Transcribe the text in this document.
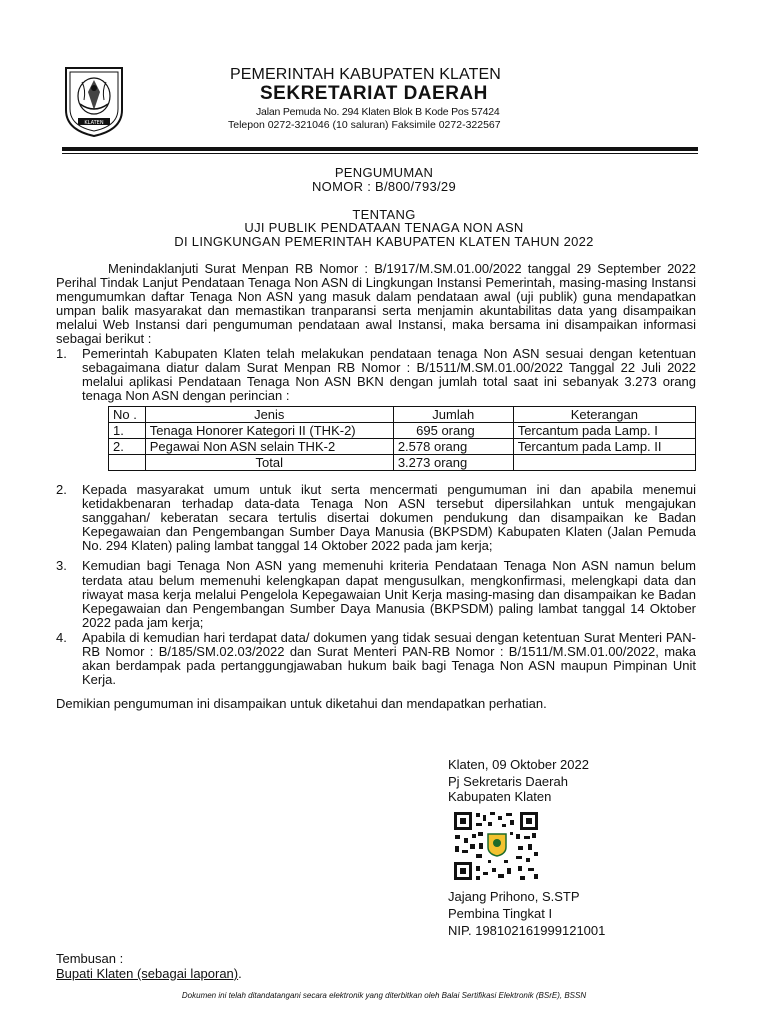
KLATEN
PEMERINTAH KABUPATEN KLATEN
SEKRETARIAT DAERAH
Jalan Pemuda No. 294 Klaten Blok B Kode Pos 57424
Telepon 0272-321046 (10 saluran) Faksimile 0272-322567
PENGUMUMAN
NOMOR : B/800/793/29
TENTANG
UJI PUBLIK PENDATAAN TENAGA NON ASN
DI LINGKUNGAN PEMERINTAH KABUPATEN KLATEN TAHUN 2022

Menindaklanjuti Surat Menpan RB Nomor : B/1917/M.SM.01.00/2022 tanggal 29 September 2022 Perihal Tindak Lanjut Pendataan Tenaga Non ASN di Lingkungan Instansi Pemerintah, masing-masing Instansi mengumumkan daftar Tenaga Non ASN yang masuk dalam pendataan awal (uji publik) guna mendapatkan umpan balik masyarakat dan memastikan tranparansi serta menjamin akuntabilitas data yang disampaikan melalui Web Instansi dari pengumuman pendataan awal Instansi, maka bersama ini disampaikan informasi sebagai berikut :

1. Pemerintah Kabupaten Klaten telah melakukan pendataan tenaga Non ASN sesuai dengan ketentuan sebagaimana diatur dalam Surat Menpan RB Nomor : B/1511/M.SM.01.00/2022 Tanggal 22 Juli 2022 melalui aplikasi Pendataan Tenaga Non ASN BKN dengan jumlah total saat ini sebanyak 3.273 orang tenaga Non ASN dengan perincian :

No .	Jenis	Jumlah	Keterangan
1.	Tenaga Honorer Kategori II (THK-2)	695 orang	Tercantum pada Lamp. I
2.	Pegawai Non ASN selain THK-2	2.578 orang	Tercantum pada Lamp. II
	Total	3.273 orang	
2. Kepada masyarakat umum untuk ikut serta mencermati pengumuman ini dan apabila menemui ketidakbenaran terhadap data-data Tenaga Non ASN tersebut dipersilahkan untuk mengajukan sanggahan/ keberatan secara tertulis disertai dokumen pendukung dan disampaikan ke Badan Kepegawaian dan Pengembangan Sumber Daya Manusia (BKPSDM) Kabupaten Klaten (Jalan Pemuda No. 294 Klaten) paling lambat tanggal 14 Oktober 2022 pada jam kerja;

3. Kemudian bagi Tenaga Non ASN yang memenuhi kriteria Pendataan Tenaga Non ASN namun belum terdata atau belum memenuhi kelengkapan dapat mengusulkan, mengkonfirmasi, melengkapi data dan riwayat masa kerja melalui Pengelola Kepegawaian Unit Kerja masing-masing dan disampaikan ke Badan Kepegawaian dan Pengembangan Sumber Daya Manusia (BKPSDM) paling lambat tanggal 14 Oktober 2022 pada jam kerja;

4. Apabila di kemudian hari terdapat data/ dokumen yang tidak sesuai dengan ketentuan Surat Menteri PAN-RB Nomor : B/185/SM.02.03/2022 dan Surat Menteri PAN-RB Nomor : B/1511/M.SM.01.00/2022, maka akan berdampak pada pertanggungjawaban hukum baik bagi Tenaga Non ASN maupun Pimpinan Unit Kerja.

Demikian pengumuman ini disampaikan untuk diketahui dan mendapatkan perhatian.

Klaten, 09 Oktober 2022
Pj Sekretaris Daerah
Kabupaten Klaten
Jajang Prihono, S.STP
Pembina Tingkat I
NIP. 198102161999121001
Tembusan :
Bupati Klaten (sebagai laporan).
Dokumen ini telah ditandatangani secara elektronik yang diterbitkan oleh Balai Sertifikasi Elektronik (BSrE), BSSN
